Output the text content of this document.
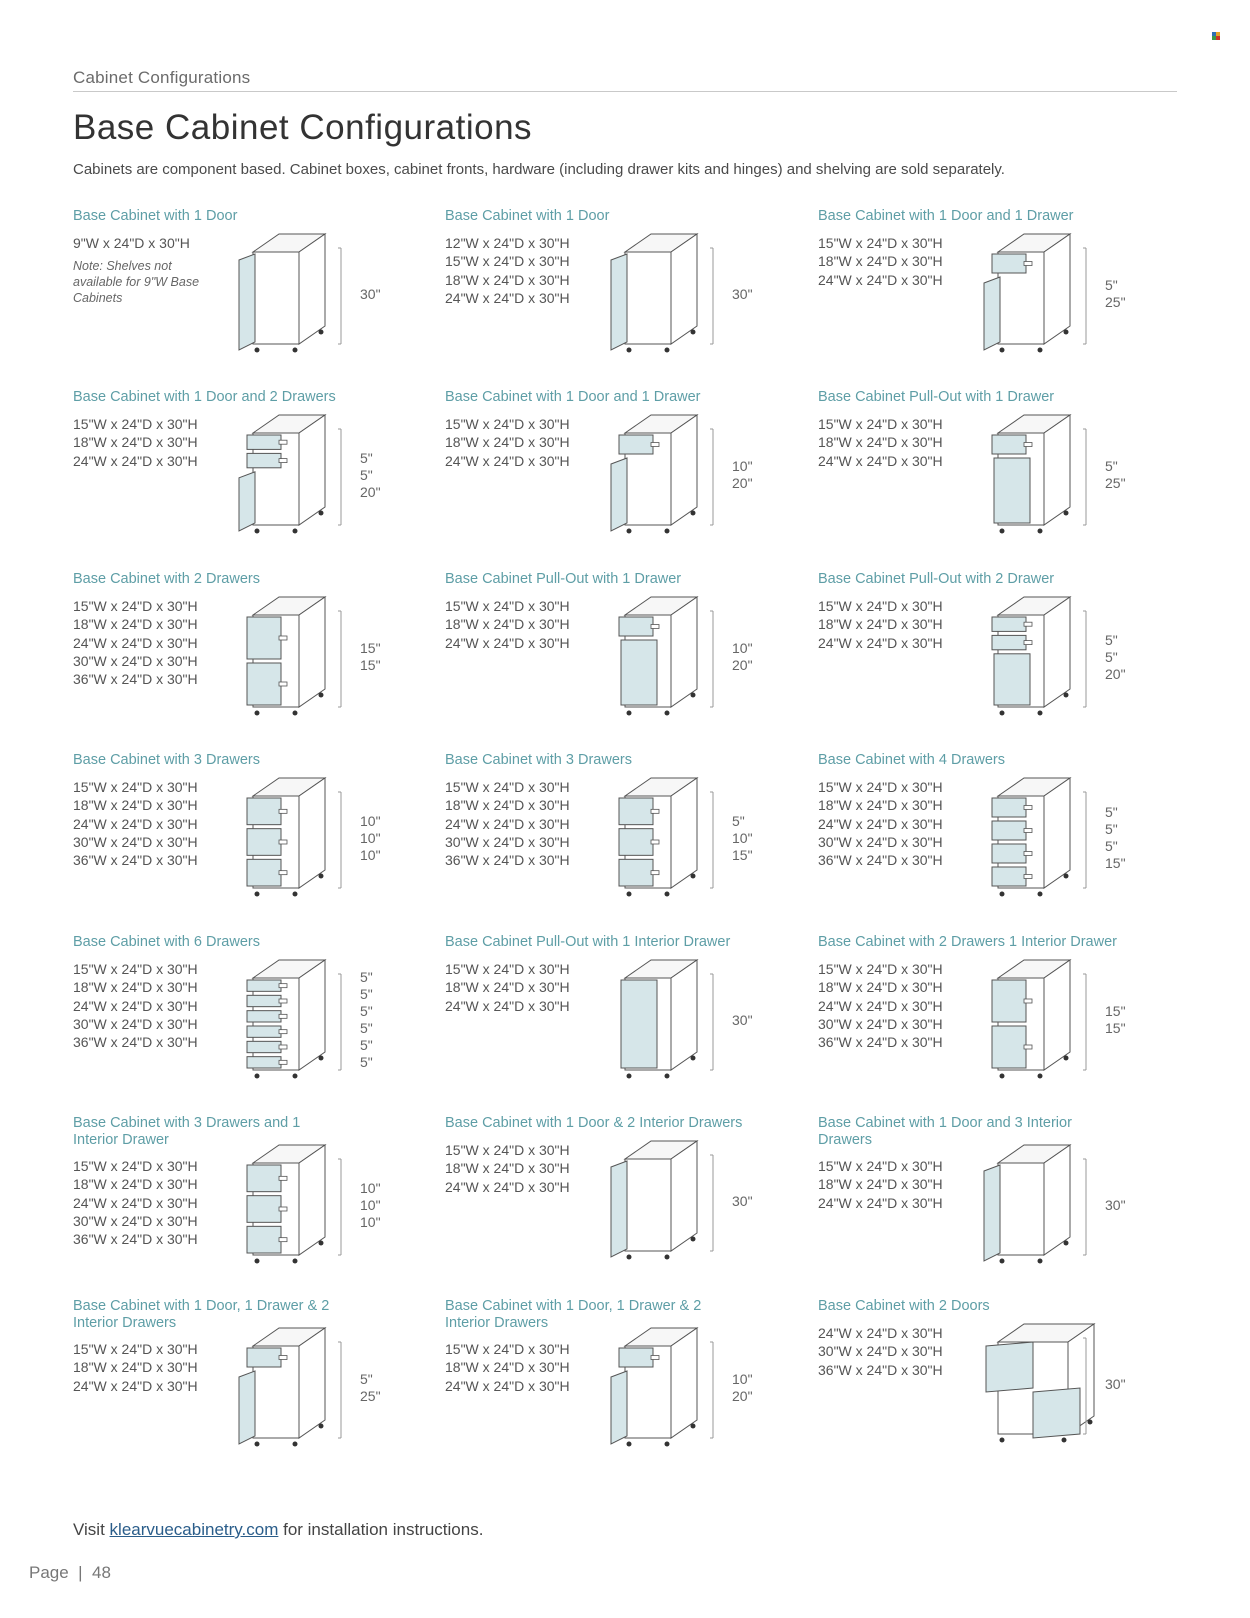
Cabinet Configurations
Base Cabinet Configurations
Cabinets are component based. Cabinet boxes, cabinet fronts, hardware (including drawer kits and hinges) and shelving are sold separately.
Base Cabinet with 1 Door
9"W x 24"D x 30"H
Note: Shelves not available for 9"W Base Cabinets	30"
Base Cabinet with 1 Door
12"W x 24"D x 30"H
15"W x 24"D x 30"H
18"W x 24"D x 30"H
24"W x 24"D x 30"H	30"
Base Cabinet with 1 Door and 1 Drawer
15"W x 24"D x 30"H
18"W x 24"D x 30"H
24"W x 24"D x 30"H	5"
25"
Base Cabinet with 1 Door and 2 Drawers
15"W x 24"D x 30"H
18"W x 24"D x 30"H
24"W x 24"D x 30"H	5"
5"
20"
Base Cabinet with 1 Door and 1 Drawer
15"W x 24"D x 30"H
18"W x 24"D x 30"H
24"W x 24"D x 30"H	10"
20"
Base Cabinet Pull-Out with 1 Drawer
15"W x 24"D x 30"H
18"W x 24"D x 30"H
24"W x 24"D x 30"H	5"
25"
Base Cabinet with 2 Drawers
15"W x 24"D x 30"H
18"W x 24"D x 30"H
24"W x 24"D x 30"H
30"W x 24"D x 30"H
36"W x 24"D x 30"H
15"
15"
Base Cabinet Pull-Out with 1 Drawer
15"W x 24"D x 30"H
18"W x 24"D x 30"H
24"W x 24"D x 30"H	10"
20"
Base Cabinet Pull-Out with 2 Drawer
15"W x 24"D x 30"H
18"W x 24"D x 30"H
24"W x 24"D x 30"H	5"
5"
20"
Base Cabinet with 3 Drawers
15"W x 24"D x 30"H
18"W x 24"D x 30"H
24"W x 24"D x 30"H
30"W x 24"D x 30"H
36"W x 24"D x 30"H
10"
10"
10"
Base Cabinet with 3 Drawers
15"W x 24"D x 30"H
18"W x 24"D x 30"H
24"W x 24"D x 30"H
30"W x 24"D x 30"H
36"W x 24"D x 30"H
5"
10"
15"
Base Cabinet with 4 Drawers
15"W x 24"D x 30"H
18"W x 24"D x 30"H
24"W x 24"D x 30"H
30"W x 24"D x 30"H
36"W x 24"D x 30"H
5"
5"
5"
15"
Base Cabinet with 6 Drawers
15"W x 24"D x 30"H
18"W x 24"D x 30"H
24"W x 24"D x 30"H
30"W x 24"D x 30"H
36"W x 24"D x 30"H
5"
5"
5"
5"
5"
5"
Base Cabinet Pull-Out with 1 Interior Drawer
15"W x 24"D x 30"H
18"W x 24"D x 30"H
24"W x 24"D x 30"H
30"
Base Cabinet with 2 Drawers 1 Interior Drawer
15"W x 24"D x 30"H
18"W x 24"D x 30"H
24"W x 24"D x 30"H
30"W x 24"D x 30"H
36"W x 24"D x 30"H
15"
15"
Base Cabinet with 3 Drawers and 1 Interior Drawer
15"W x 24"D x 30"H
18"W x 24"D x 30"H
24"W x 24"D x 30"H
30"W x 24"D x 30"H
36"W x 24"D x 30"H
10"
10"
10"
Base Cabinet with 1 Door & 2 Interior Drawers
15"W x 24"D x 30"H
18"W x 24"D x 30"H
24"W x 24"D x 30"H
30"
Base Cabinet with 1 Door and 3 Interior Drawers
15"W x 24"D x 30"H
18"W x 24"D x 30"H
24"W x 24"D x 30"H	30"
Base Cabinet with 1 Door, 1 Drawer & 2 Interior Drawers
15"W x 24"D x 30"H
18"W x 24"D x 30"H
24"W x 24"D x 30"H	5"
25"
Base Cabinet with 1 Door, 1 Drawer & 2 Interior Drawers
15"W x 24"D x 30"H
18"W x 24"D x 30"H
24"W x 24"D x 30"H	10"
20"
Base Cabinet with 2 Doors
24"W x 24"D x 30"H
30"W x 24"D x 30"H
36"W x 24"D x 30"H
30"
Visit klearvuecabinetry.com for installation instructions.
Page  |  48
